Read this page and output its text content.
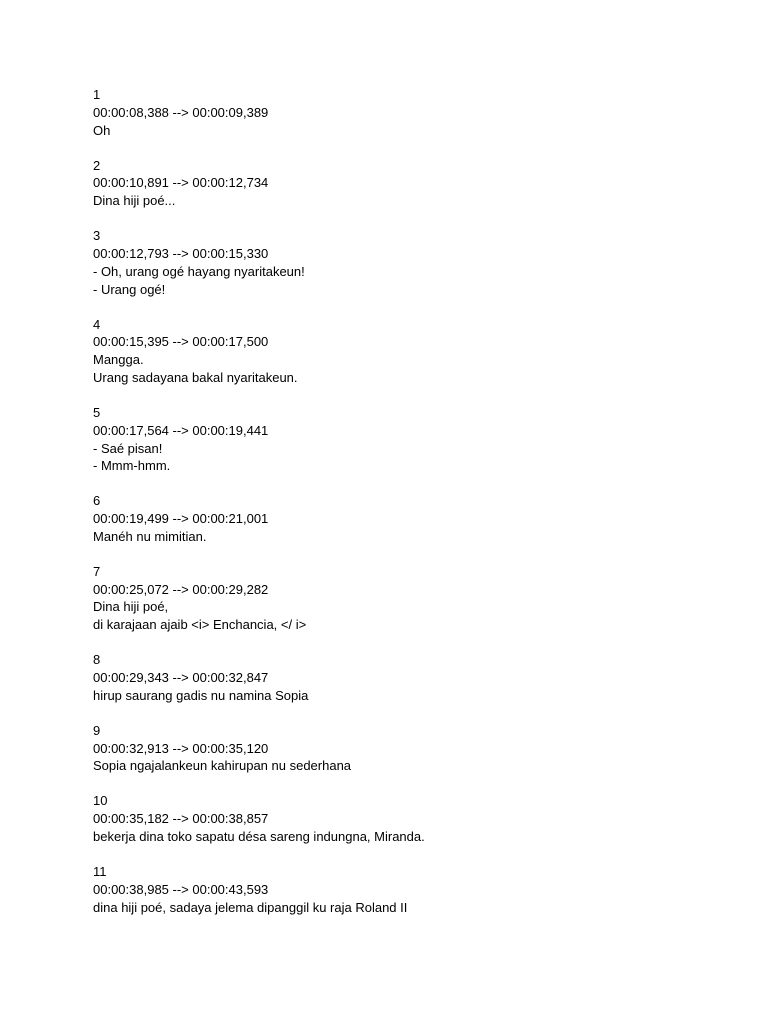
1
00:00:08,388 --> 00:00:09,389
Oh
2
00:00:10,891 --> 00:00:12,734
Dina hiji poé...
3
00:00:12,793 --> 00:00:15,330
- Oh, urang ogé hayang nyaritakeun!
- Urang ogé!
4
00:00:15,395 --> 00:00:17,500
Mangga.
Urang sadayana bakal nyaritakeun.
5
00:00:17,564 --> 00:00:19,441
- Saé pisan!
- Mmm-hmm.
6
00:00:19,499 --> 00:00:21,001
Manéh nu mimitian.
7
00:00:25,072 --> 00:00:29,282
Dina hiji poé,
di karajaan ajaib <i> Enchancia, </ i>
8
00:00:29,343 --> 00:00:32,847
hirup saurang gadis nu namina Sopia
9
00:00:32,913 --> 00:00:35,120
Sopia ngajalankeun kahirupan nu sederhana
10
00:00:35,182 --> 00:00:38,857
bekerja dina toko sapatu désa sareng indungna, Miranda.
11
00:00:38,985 --> 00:00:43,593
dina hiji poé, sadaya jelema dipanggil ku raja Roland II
